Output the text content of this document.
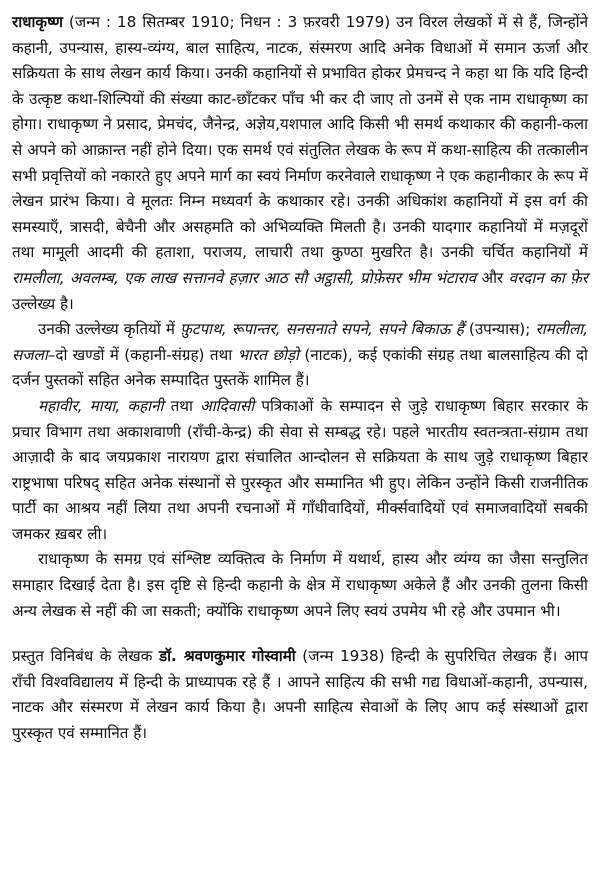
राधाकृष्ण (जन्म : 18 सितम्बर 1910; निधन : 3 फ़रवरी 1979) उन विरल लेखकों में से हैं, जिन्होंने कहानी, उपन्यास, हास्य-व्यंग्य, बाल साहित्य, नाटक, संस्मरण आदि अनेक विधाओं में समान ऊर्जा और सक्रियता के साथ लेखन कार्य किया। उनकी कहानियों से प्रभावित होकर प्रेमचन्द ने कहा था कि यदि हिन्दी के उत्कृष्ट कथा-शिल्पियों की संख्या काट-छाँटकर पाँच भी कर दी जाए तो उनमें से एक नाम राधाकृष्ण का होगा। राधाकृष्ण ने प्रसाद, प्रेमचंद, जैनेन्द्र, अज्ञेय,यशपाल आदि किसी भी समर्थ कथाकार की कहानी-कला से अपने को आक्रान्त नहीं होने दिया। एक समर्थ एवं संतुलित लेखक के रूप में कथा-साहित्य की तत्कालीन सभी प्रवृत्तियों को नकारते हुए अपने मार्ग का स्वयं निर्माण करनेवाले राधाकृष्ण ने एक कहानीकार के रूप में लेखन प्रारंभ किया। वे मूलतः निम्न मध्यवर्ग के कथाकार रहे। उनकी अधिकांश कहानियों में इस वर्ग की समस्याएँ, त्रासदी, बेचैनी और असहमति को अभिव्यक्ति मिलती है। उनकी यादगार कहानियों में मज़दूरों तथा मामूली आदमी की हताशा, पराजय, लाचारी तथा कुण्ठा मुखरित है। उनकी चर्चित कहानियों में रामलीला, अवलम्ब, एक लाख सत्तानवे हज़ार आठ सौ अट्ठासी, प्रोफ़ेसर भीम भंटाराव और वरदान का फ़ेर उल्लेख्य है।

उनकी उल्लेख्य कृतियों में फ़ुटपाथ, रूपान्तर, सनसनाते सपने, सपने बिकाऊ हैं (उपन्यास); रामलीला, सजला–दो खण्डों में (कहानी-संग्रह) तथा भारत छोड़ो (नाटक), कई एकांकी संग्रह तथा बालसाहित्य की दो दर्जन पुस्तकों सहित अनेक सम्पादित पुस्तकें शामिल हैं।

महावीर, माया, कहानी तथा आदिवासी पत्रिकाओं के सम्पादन से जुड़े राधाकृष्ण बिहार सरकार के प्रचार विभाग तथा अकाशवाणी (राँची-केन्द्र) की सेवा से सम्बद्ध रहे। पहले भारतीय स्वतन्त्रता-संग्राम तथा आज़ादी के बाद जयप्रकाश नारायण द्वारा संचालित आन्दोलन से सक्रियता के साथ जुड़े राधाकृष्ण बिहार राष्ट्रभाषा परिषद् सहित अनेक संस्थानों से पुरस्कृत और सम्मानित भी हुए। लेकिन उन्होंने किसी राजनीतिक पार्टी का आश्रय नहीं लिया तथा अपनी रचनाओं में गाँधीवादियों, मीर्क्सवादियों एवं समाजवादियों सबकी जमकर ख़बर ली।

राधाकृष्ण के समग्र एवं संश्लिष्ट व्यक्तित्व के निर्माण में यथार्थ, हास्य और व्यंग्य का जैसा सन्तुलित समाहार दिखाई देता है। इस दृष्टि से हिन्दी कहानी के क्षेत्र में राधाकृष्ण अकेले हैं और उनकी तुलना किसी अन्य लेखक से नहीं की जा सकती; क्योंकि राधाकृष्ण अपने लिए स्वयं उपमेय भी रहे और उपमान भी।

प्रस्तुत विनिबंध के लेखक डॉ. श्रवणकुमार गोस्वामी (जन्म 1938) हिन्दी के सुपरिचित लेखक हैं। आप राँची विश्वविद्यालय में हिन्दी के प्राध्यापक रहे हैं । आपने साहित्य की सभी गद्य विधाओं-कहानी, उपन्यास, नाटक और संस्मरण में लेखन कार्य किया है। अपनी साहित्य सेवाओं के लिए आप कई संस्थाओं द्वारा पुरस्कृत एवं सम्मानित हैं।
